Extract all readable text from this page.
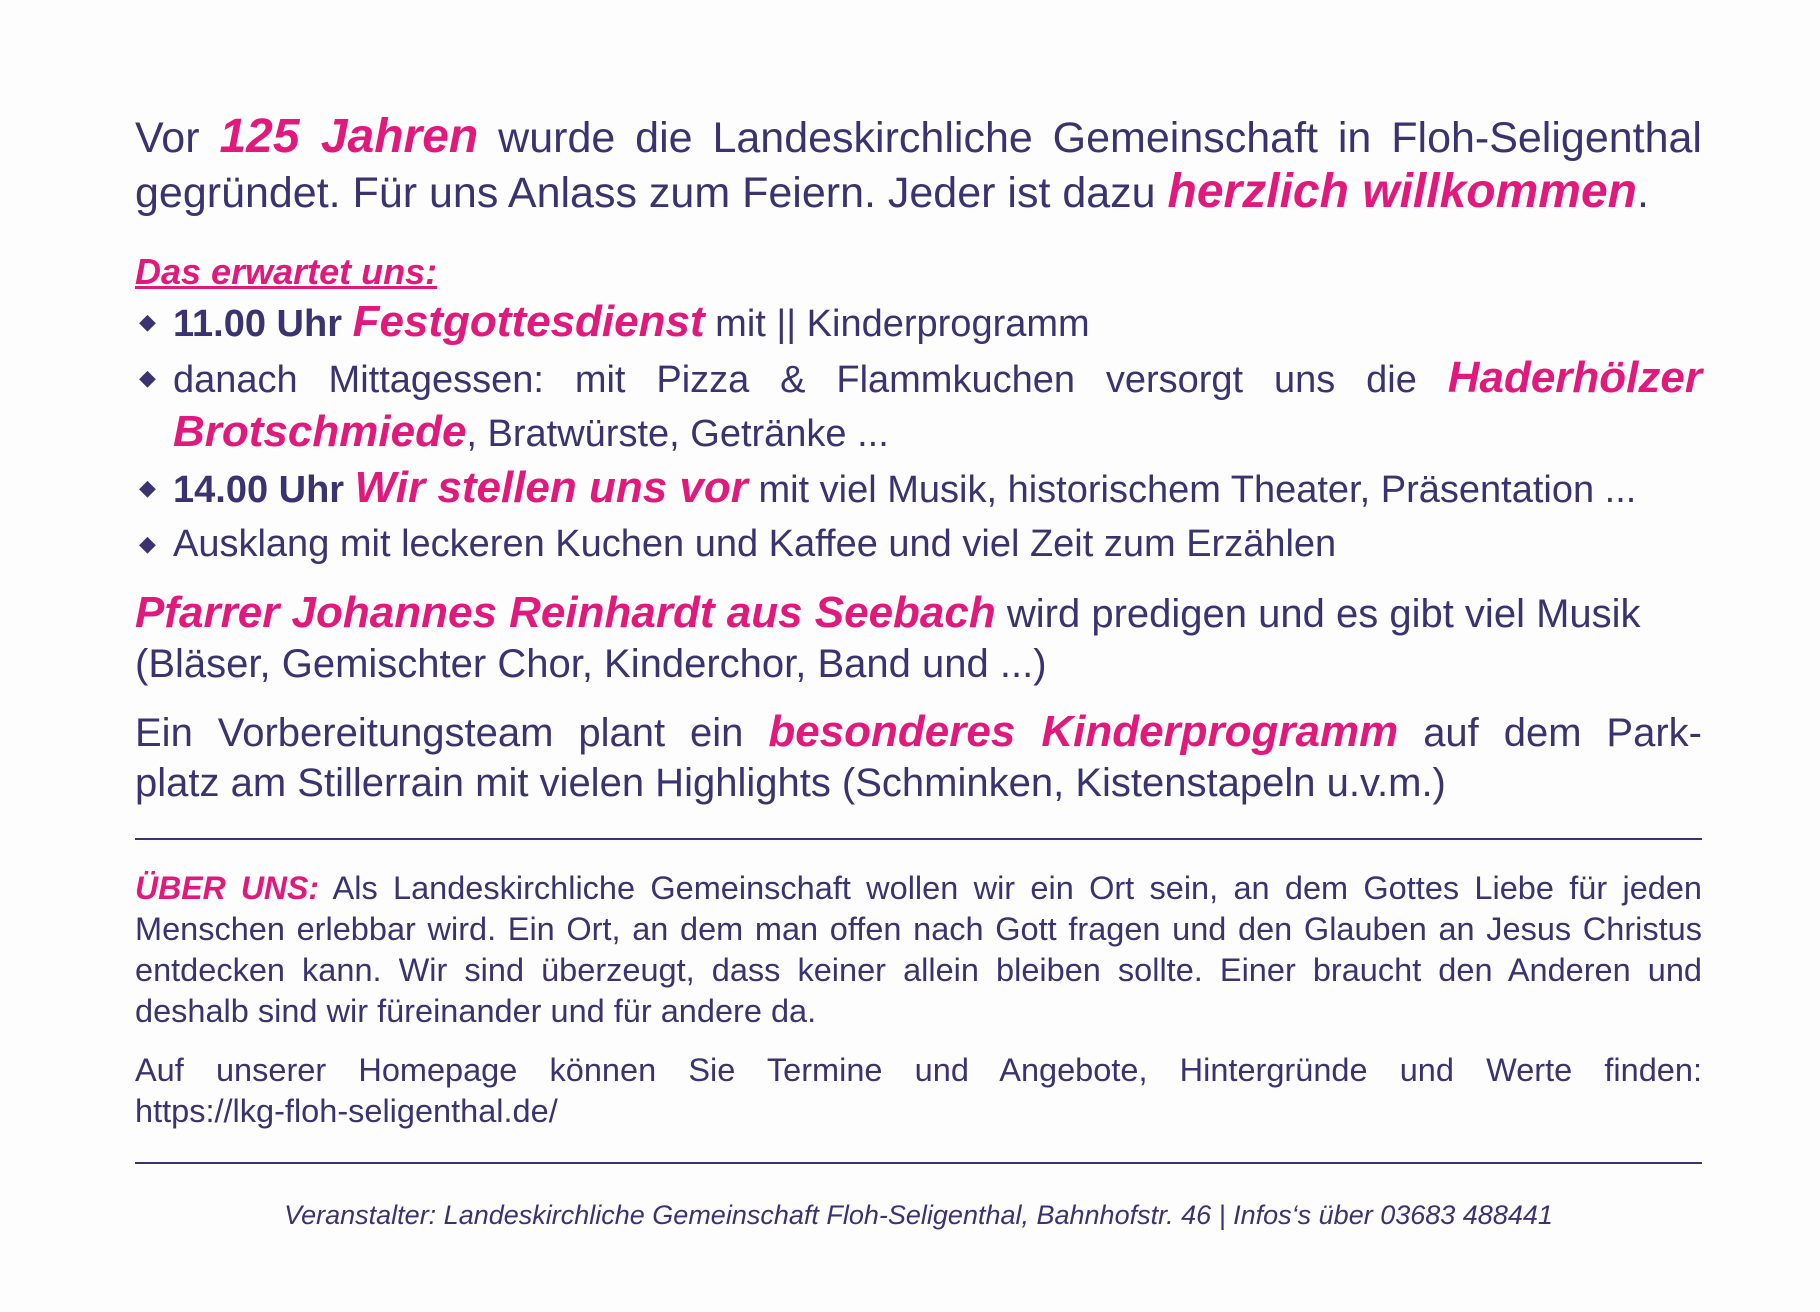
Vor 125 Jahren wurde die Landeskirchliche Gemeinschaft in Floh-Seligenthal

gegründet. Für uns Anlass zum Feiern. Jeder ist dazu herzlich willkommen.

Das erwartet uns:

◆ 11.00 Uhr Festgottesdienst mit || Kinderprogramm
◆ danach Mittagessen: mit Pizza & Flammkuchen versorgt uns die Haderhölzer Brotschmiede, Bratwürste, Getränke ...
◆ 14.00 Uhr Wir stellen uns vor mit viel Musik, historischem Theater, Präsentation ...
◆ Ausklang mit leckeren Kuchen und Kaffee und viel Zeit zum Erzählen

Pfarrer Johannes Reinhardt aus Seebach wird predigen und es gibt viel Musik

(Bläser, Gemischter Chor, Kinderchor, Band und ...)

Ein Vorbereitungsteam plant ein besonderes Kinderprogramm auf dem Park-

platz am Stillerrain mit vielen Highlights (Schminken, Kistenstapeln u.v.m.)

ÜBER UNS: Als Landeskirchliche Gemeinschaft wollen wir ein Ort sein, an dem Gottes Liebe für jeden Menschen erlebbar wird. Ein Ort, an dem man offen nach Gott fragen und den Glauben an Jesus Christus entdecken kann. Wir sind überzeugt, dass keiner allein bleiben sollte. Einer braucht den Anderen und deshalb sind wir füreinander und für andere da.

Auf unserer Homepage können Sie Termine und Angebote, Hintergründe und Werte finden:

https://lkg-floh-seligenthal.de/

Veranstalter: Landeskirchliche Gemeinschaft Floh-Seligenthal, Bahnhofstr. 46 | Infos‘s über 03683 488441
